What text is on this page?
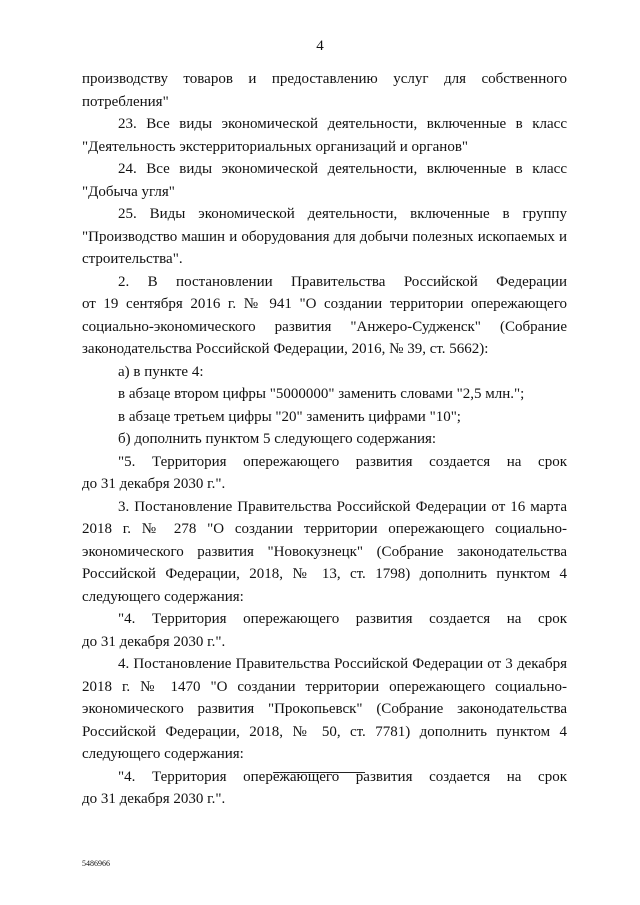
4
производству товаров и предоставлению услуг для собственного
потребления"
23. Все виды экономической деятельности, включенные в класс
"Деятельность экстерриториальных организаций и органов"
24. Все виды экономической деятельности, включенные в класс
"Добыча угля"
25. Виды экономической деятельности, включенные в группу
"Производство машин и оборудования для добычи полезных ископаемых и
строительства".
2. В постановлении Правительства Российской Федерации
от 19 сентября 2016 г. № 941 "О создании территории опережающего
социально-экономического развития "Анжеро-Судженск" (Собрание
законодательства Российской Федерации, 2016, № 39, ст. 5662):
а) в пункте 4:
в абзаце втором цифры "5000000" заменить словами "2,5 млн.";
в абзаце третьем цифры "20" заменить цифрами "10";
б) дополнить пунктом 5 следующего содержания:
"5. Территория опережающего развития создается на срок
до 31 декабря 2030 г.".
3. Постановление Правительства Российской Федерации от 16 марта
2018 г. № 278 "О создании территории опережающего социально-
экономического развития "Новокузнецк" (Собрание законодательства
Российской Федерации, 2018, № 13, ст. 1798) дополнить пунктом 4
следующего содержания:
"4. Территория опережающего развития создается на срок
до 31 декабря 2030 г.".
4. Постановление Правительства Российской Федерации от 3 декабря
2018 г. № 1470 "О создании территории опережающего социально-
экономического развития "Прокопьевск" (Собрание законодательства
Российской Федерации, 2018, № 50, ст. 7781) дополнить пунктом 4
следующего содержания:
"4. Территория опережающего развития создается на срок
до 31 декабря 2030 г.".
5486966
